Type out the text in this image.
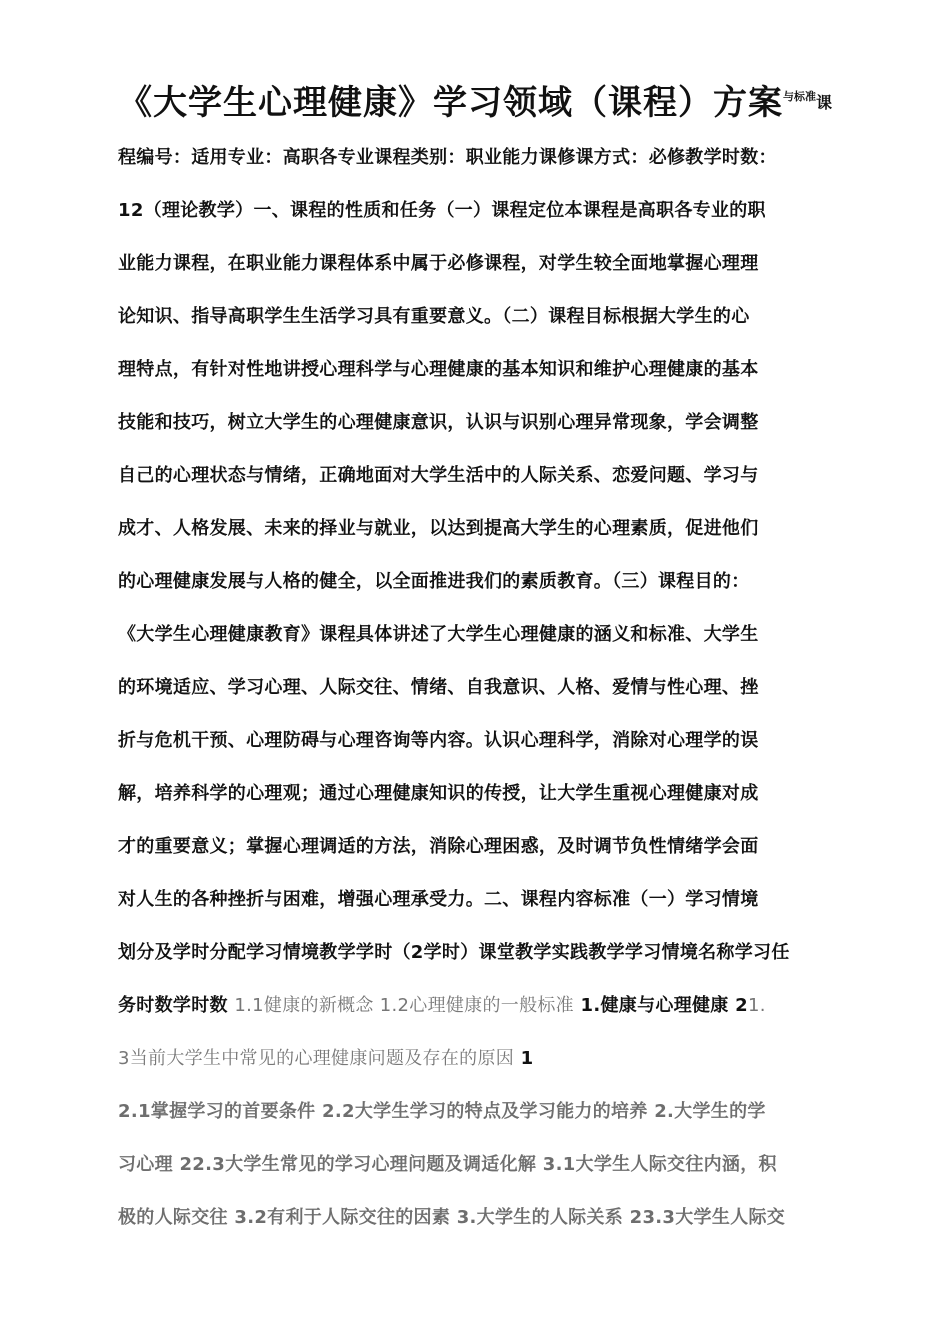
《大学生心理健康》学习领域（课程）方案$^{与标准}$课
程编号：适用专业：高职各专业课程类别：职业能力课修课方式：必修教学时数：
12（理论教学）一、课程的性质和任务（一）课程定位本课程是高职各专业的职
业能力课程，在职业能力课程体系中属于必修课程，对学生较全面地掌握心理理
论知识、指导高职学生生活学习具有重要意义。（二）课程目标根据大学生的心
理特点，有针对性地讲授心理科学与心理健康的基本知识和维护心理健康的基本
技能和技巧，树立大学生的心理健康意识，认识与识别心理异常现象，学会调整
自己的心理状态与情绪，正确地面对大学生活中的人际关系、恋爱问题、学习与
成才、人格发展、未来的择业与就业，以达到提高大学生的心理素质，促进他们
的心理健康发展与人格的健全，以全面推进我们的素质教育。（三）课程目的：
《大学生心理健康教育》课程具体讲述了大学生心理健康的涵义和标准、大学生
的环境适应、学习心理、人际交往、情绪、自我意识、人格、爱情与性心理、挫
折与危机干预、心理防碍与心理咨询等内容。认识心理科学，消除对心理学的误
解，培养科学的心理观；通过心理健康知识的传授，让大学生重视心理健康对成
才的重要意义；掌握心理调适的方法，消除心理困惑，及时调节负性情绪学会面
对人生的各种挫折与困难，增强心理承受力。二、课程内容标准（一）学习情境
划分及学时分配学习情境教学学时（2学时）课堂教学实践教学学习情境名称学习任
务时数学时数 1.1健康的新概念 1.2心理健康的一般标准 1.健康与心理健康 21.
3当前大学生中常见的心理健康问题及存在的原因 1
2.1掌握学习的首要条件 2.2大学生学习的特点及学习能力的培养 2.大学生的学
习心理 22.3大学生常见的学习心理问题及调适化解 3.1大学生人际交往内涵，积
极的人际交往 3.2有利于人际交往的因素 3.大学生的人际关系 23.3大学生人际交
